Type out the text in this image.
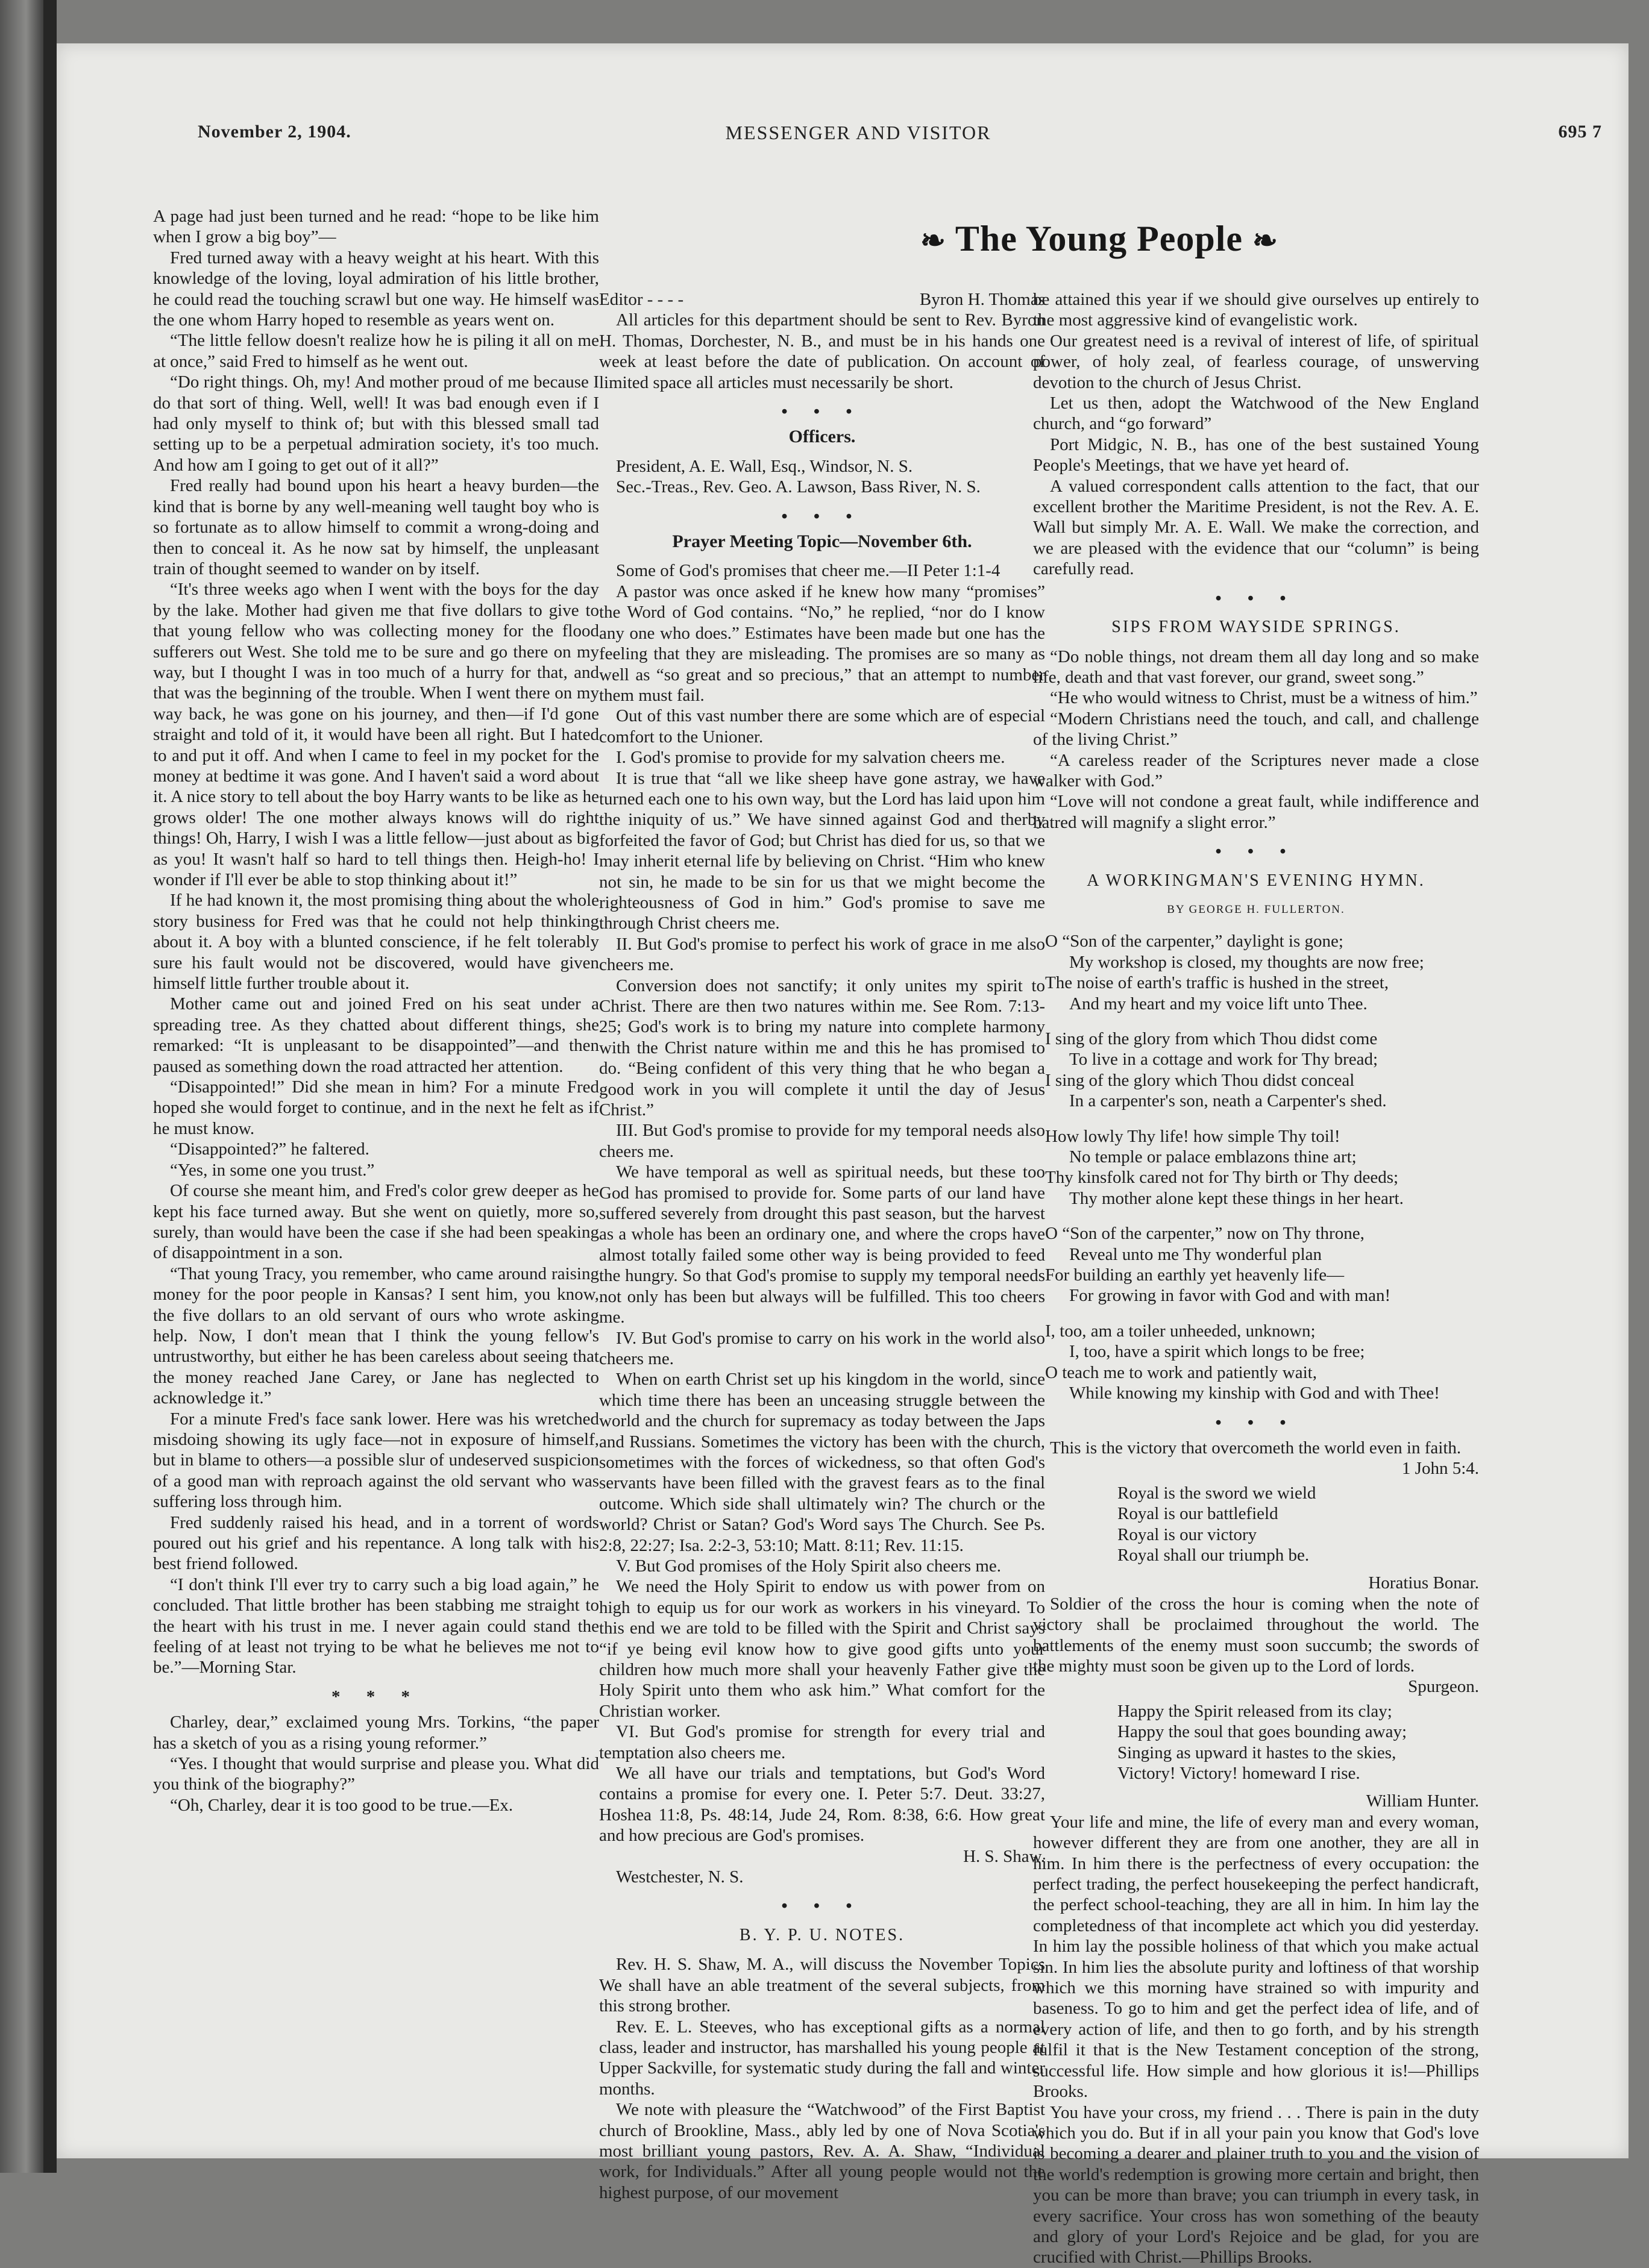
November 2, 1904.	MESSENGER AND VISITOR	695 7
❧ The Young People ❧

A page had just been turned and he read: “hope to be like him when I grow a big boy”—

Fred turned away with a heavy weight at his heart. With this knowledge of the loving, loyal admiration of his little brother, he could read the touching scrawl but one way. He himself was the one whom Harry hoped to resemble as years went on.

“The little fellow doesn't realize how he is piling it all on me at once,” said Fred to himself as he went out.

“Do right things. Oh, my! And mother proud of me because I do that sort of thing. Well, well! It was bad enough even if I had only myself to think of; but with this blessed small tad setting up to be a perpetual admiration society, it's too much. And how am I going to get out of it all?”

Fred really had bound upon his heart a heavy burden—the kind that is borne by any well-meaning well taught boy who is so fortunate as to allow himself to commit a wrong-doing and then to conceal it. As he now sat by himself, the unpleasant train of thought seemed to wander on by itself.

“It's three weeks ago when I went with the boys for the day by the lake. Mother had given me that five dollars to give to that young fellow who was collecting money for the flood sufferers out West. She told me to be sure and go there on my way, but I thought I was in too much of a hurry for that, and that was the beginning of the trouble. When I went there on my way back, he was gone on his journey, and then—if I'd gone straight and told of it, it would have been all right. But I hated to and put it off. And when I came to feel in my pocket for the money at bedtime it was gone. And I haven't said a word about it. A nice story to tell about the boy Harry wants to be like as he grows older! The one mother always knows will do right things! Oh, Harry, I wish I was a little fellow—just about as big as you! It wasn't half so hard to tell things then. Heigh-ho! I wonder if I'll ever be able to stop thinking about it!”

If he had known it, the most promising thing about the whole story business for Fred was that he could not help thinking about it. A boy with a blunted conscience, if he felt tolerably sure his fault would not be discovered, would have given himself little further trouble about it.

Mother came out and joined Fred on his seat under a spreading tree. As they chatted about different things, she remarked: “It is unpleasant to be disappointed”—and then paused as something down the road attracted her attention.

“Disappointed!” Did she mean in him? For a minute Fred hoped she would forget to continue, and in the next he felt as if he must know.

“Disappointed?” he faltered.

“Yes, in some one you trust.”

Of course she meant him, and Fred's color grew deeper as he kept his face turned away. But she went on quietly, more so, surely, than would have been the case if she had been speaking of disappointment in a son.

“That young Tracy, you remember, who came around raising money for the poor people in Kansas? I sent him, you know, the five dollars to an old servant of ours who wrote asking help. Now, I don't mean that I think the young fellow's untrustworthy, but either he has been careless about seeing that the money reached Jane Carey, or Jane has neglected to acknowledge it.”

For a minute Fred's face sank lower. Here was his wretched misdoing showing its ugly face—not in exposure of himself, but in blame to others—a possible slur of undeserved suspicion of a good man with reproach against the old servant who was suffering loss through him.

Fred suddenly raised his head, and in a torrent of words poured out his grief and his repentance. A long talk with his best friend followed.

“I don't think I'll ever try to carry such a big load again,” he concluded. That little brother has been stabbing me straight to the heart with his trust in me. I never again could stand the feeling of at least not trying to be what he believes me not to be.”—Morning Star.

* * *

Charley, dear,” exclaimed young Mrs. Torkins, “the paper has a sketch of you as a rising young reformer.”

“Yes. I thought that would surprise and please you. What did you think of the biography?”

“Oh, Charley, dear it is too good to be true.—Ex.

Editor - - - -	Byron H. Thomas

All articles for this department should be sent to Rev. Byron H. Thomas, Dorchester, N. B., and must be in his hands one week at least before the date of publication. On account of limited space all articles must necessarily be short.

• • •
Officers.

President, A. E. Wall, Esq., Windsor, N. S.

Sec.-Treas., Rev. Geo. A. Lawson, Bass River, N. S.

• • •
Prayer Meeting Topic—November 6th.

Some of God's promises that cheer me.—II Peter 1:1-4

A pastor was once asked if he knew how many “promises” the Word of God contains. “No,” he replied, “nor do I know any one who does.” Estimates have been made but one has the feeling that they are misleading. The promises are so many as well as “so great and so precious,” that an attempt to number them must fail.

Out of this vast number there are some which are of especial comfort to the Unioner.

I. God's promise to provide for my salvation cheers me.

It is true that “all we like sheep have gone astray, we have turned each one to his own way, but the Lord has laid upon him the iniquity of us.” We have sinned against God and therby forfeited the favor of God; but Christ has died for us, so that we may inherit eternal life by believing on Christ. “Him who knew not sin, he made to be sin for us that we might become the righteousness of God in him.” God's promise to save me through Christ cheers me.

II. But God's promise to perfect his work of grace in me also cheers me.

Conversion does not sanctify; it only unites my spirit to Christ. There are then two natures within me. See Rom. 7:13-25; God's work is to bring my nature into complete harmony with the Christ nature within me and this he has promised to do. “Being confident of this very thing that he who began a good work in you will complete it until the day of Jesus Christ.”

III. But God's promise to provide for my temporal needs also cheers me.

We have temporal as well as spiritual needs, but these too God has promised to provide for. Some parts of our land have suffered severely from drought this past season, but the harvest as a whole has been an ordinary one, and where the crops have almost totally failed some other way is being provided to feed the hungry. So that God's promise to supply my temporal needs not only has been but always will be fulfilled. This too cheers me.

IV. But God's promise to carry on his work in the world also cheers me.

When on earth Christ set up his kingdom in the world, since which time there has been an unceasing struggle between the world and the church for supremacy as today between the Japs and Russians. Sometimes the victory has been with the church, sometimes with the forces of wickedness, so that often God's servants have been filled with the gravest fears as to the final outcome. Which side shall ultimately win? The church or the world? Christ or Satan? God's Word says The Church. See Ps. 2:8, 22:27; Isa. 2:2-3, 53:10; Matt. 8:11; Rev. 11:15.

V. But God promises of the Holy Spirit also cheers me.

We need the Holy Spirit to endow us with power from on high to equip us for our work as workers in his vineyard. To this end we are told to be filled with the Spirit and Christ says “if ye being evil know how to give good gifts unto your children how much more shall your heavenly Father give the Holy Spirit unto them who ask him.” What comfort for the Christian worker.

VI. But God's promise for strength for every trial and temptation also cheers me.

We all have our trials and temptations, but God's Word contains a promise for every one. I. Peter 5:7. Deut. 33:27, Hoshea 11:8, Ps. 48:14, Jude 24, Rom. 8:38, 6:6. How great and how precious are God's promises.

H. S. Shaw.

Westchester, N. S.

• • •
B. Y. P. U. NOTES.

Rev. H. S. Shaw, M. A., will discuss the November Topics We shall have an able treatment of the several subjects, from this strong brother.

Rev. E. L. Steeves, who has exceptional gifts as a normal class, leader and instructor, has marshalled his young people at Upper Sackville, for systematic study during the fall and winter months.

We note with pleasure the “Watchwood” of the First Baptist church of Brookline, Mass., ably led by one of Nova Scotia's most brilliant young pastors, Rev. A. A. Shaw, “Individual work, for Individuals.” After all young people would not the highest purpose, of our movement

be attained this year if we should give ourselves up entirely to the most aggressive kind of evangelistic work.

Our greatest need is a revival of interest of life, of spiritual power, of holy zeal, of fearless courage, of unswerving devotion to the church of Jesus Christ.

Let us then, adopt the Watchwood of the New England church, and “go forward”

Port Midgic, N. B., has one of the best sustained Young People's Meetings, that we have yet heard of.

A valued correspondent calls attention to the fact, that our excellent brother the Maritime President, is not the Rev. A. E. Wall but simply Mr. A. E. Wall. We make the correction, and we are pleased with the evidence that our “column” is being carefully read.

• • •
SIPS FROM WAYSIDE SPRINGS.

“Do noble things, not dream them all day long and so make life, death and that vast forever, our grand, sweet song.”

“He who would witness to Christ, must be a witness of him.”

“Modern Christians need the touch, and call, and challenge of the living Christ.”

“A careless reader of the Scriptures never made a close walker with God.”

“Love will not condone a great fault, while indifference and hatred will magnify a slight error.”

• • •
A WORKINGMAN'S EVENING HYMN.
BY GEORGE H. FULLERTON.
O “Son of the carpenter,” daylight is gone;
My workshop is closed, my thoughts are now free;
The noise of earth's traffic is hushed in the street,
And my heart and my voice lift unto Thee.
I sing of the glory from which Thou didst come
To live in a cottage and work for Thy bread;
I sing of the glory which Thou didst conceal
In a carpenter's son, neath a Carpenter's shed.
How lowly Thy life! how simple Thy toil!
No temple or palace emblazons thine art;
Thy kinsfolk cared not for Thy birth or Thy deeds;
Thy mother alone kept these things in her heart.
O “Son of the carpenter,” now on Thy throne,
Reveal unto me Thy wonderful plan
For building an earthly yet heavenly life—
For growing in favor with God and with man!
I, too, am a toiler unheeded, unknown;
I, too, have a spirit which longs to be free;
O teach me to work and patiently wait,
While knowing my kinship with God and with Thee!
• • •

This is the victory that overcometh the world even in faith.

1 John 5:4.

Royal is the sword we wield
Royal is our battlefield
Royal is our victory
Royal shall our triumph be.

Horatius Bonar.

Soldier of the cross the hour is coming when the note of victory shall be proclaimed throughout the world. The battlements of the enemy must soon succumb; the swords of the mighty must soon be given up to the Lord of lords.

Spurgeon.

Happy the Spirit released from its clay;
Happy the soul that goes bounding away;
Singing as upward it hastes to the skies,
Victory! Victory! homeward I rise.

William Hunter.

Your life and mine, the life of every man and every woman, however different they are from one another, they are all in him. In him there is the perfectness of every occupation: the perfect trading, the perfect housekeeping the perfect handicraft, the perfect school-teaching, they are all in him. In him lay the completedness of that incomplete act which you did yesterday. In him lay the possible holiness of that which you make actual sin. In him lies the absolute purity and loftiness of that worship which we this morning have strained so with impurity and baseness. To go to him and get the perfect idea of life, and of every action of life, and then to go forth, and by his strength fulfil it that is the New Testament conception of the strong, successful life. How simple and how glorious it is!—Phillips Brooks.

You have your cross, my friend . . . There is pain in the duty which you do. But if in all your pain you know that God's love is becoming a dearer and plainer truth to you and the vision of the world's redemption is growing more certain and bright, then you can be more than brave; you can triumph in every task, in every sacrifice. Your cross has won something of the beauty and glory of your Lord's Rejoice and be glad, for you are crucified with Christ.—Phillips Brooks.
